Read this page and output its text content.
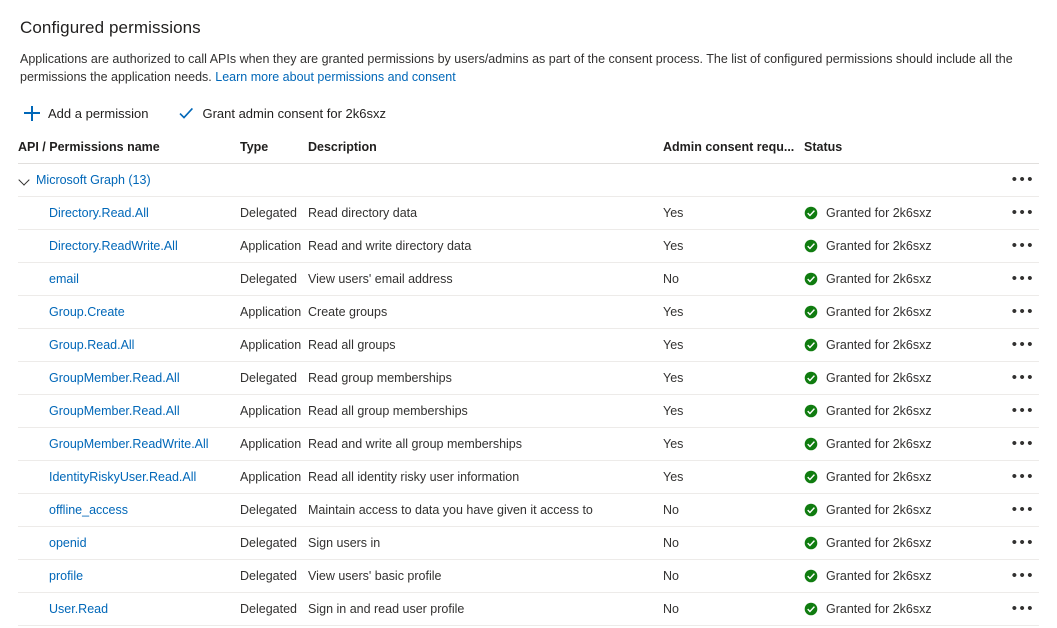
Configured permissions
Applications are authorized to call APIs when they are granted permissions by users/admins as part of the consent process. The list of configured permissions should include all the permissions the application needs. Learn more about permissions and consent
Add a permission	Grant admin consent for 2k6sxz
API / Permissions name	Type	Description	Admin consent requ...	Status	

Microsoft Graph (13)					•••
Directory.Read.All	Delegated	Read directory data	Yes	Granted for 2k6sxz	•••
Directory.ReadWrite.All	Application	Read and write directory data	Yes	Granted for 2k6sxz	•••
email	Delegated	View users' email address	No	Granted for 2k6sxz	•••
Group.Create	Application	Create groups	Yes	Granted for 2k6sxz	•••
Group.Read.All	Application	Read all groups	Yes	Granted for 2k6sxz	•••
GroupMember.Read.All	Delegated	Read group memberships	Yes	Granted for 2k6sxz	•••
GroupMember.Read.All	Application	Read all group memberships	Yes	Granted for 2k6sxz	•••
GroupMember.ReadWrite.All	Application	Read and write all group memberships	Yes	Granted for 2k6sxz	•••
IdentityRiskyUser.Read.All	Application	Read all identity risky user information	Yes	Granted for 2k6sxz	•••
offline_access	Delegated	Maintain access to data you have given it access to	No	Granted for 2k6sxz	•••
openid	Delegated	Sign users in	No	Granted for 2k6sxz	•••
profile	Delegated	View users' basic profile	No	Granted for 2k6sxz	•••
User.Read	Delegated	Sign in and read user profile	No	Granted for 2k6sxz	•••
